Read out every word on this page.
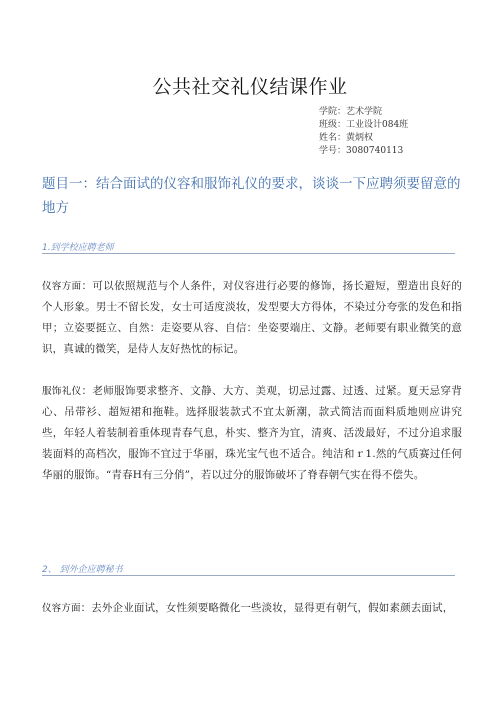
公共社交礼仪结课作业
学院：艺术学院
班级：工业设计084班
姓名：黄炳权
学号：3080740113
题目一：结合面试的仪容和服饰礼仪的要求，谈谈一下应聘须要留意的地方
1.到学校应聘老师
仪容方面：可以依照规范与个人条件，对仪容进行必要的修饰，扬长避短，塑造出良好的个人形象。男士不留长发，女士可适度淡妆，发型要大方得体，不染过分夸张的发色和指甲；立姿要挺立、自然：走姿要从容、自信：坐姿要端庄、文静。老师要有职业微笑的意识，真诚的微笑，是侍人友好热忱的标记。
服饰礼仪：老师服饰要求整齐、文静、大方、美观，切忌过露、过透、过紧。夏天忌穿背心、吊带衫、超短裙和拖鞋。选择服装款式不宜太新潮，款式简洁而面料质地则应讲究些，年轻人着装制着重体现青春气息，朴实、整齐为宜，清爽、活泼最好，不过分追求服装面料的高档次，服饰不宜过于华丽，珠光宝气也不适合。纯洁和ｒ1.然的气质赛过任何华丽的服饰。“青春H有三分俏”，若以过分的服饰破坏了脊春朝气实在得不偿失。
2、 到外企应聘秘书
仪容方面：去外企业面试，女性须要略微化一些淡妆，显得更有朝气，假如素颜去面试，
